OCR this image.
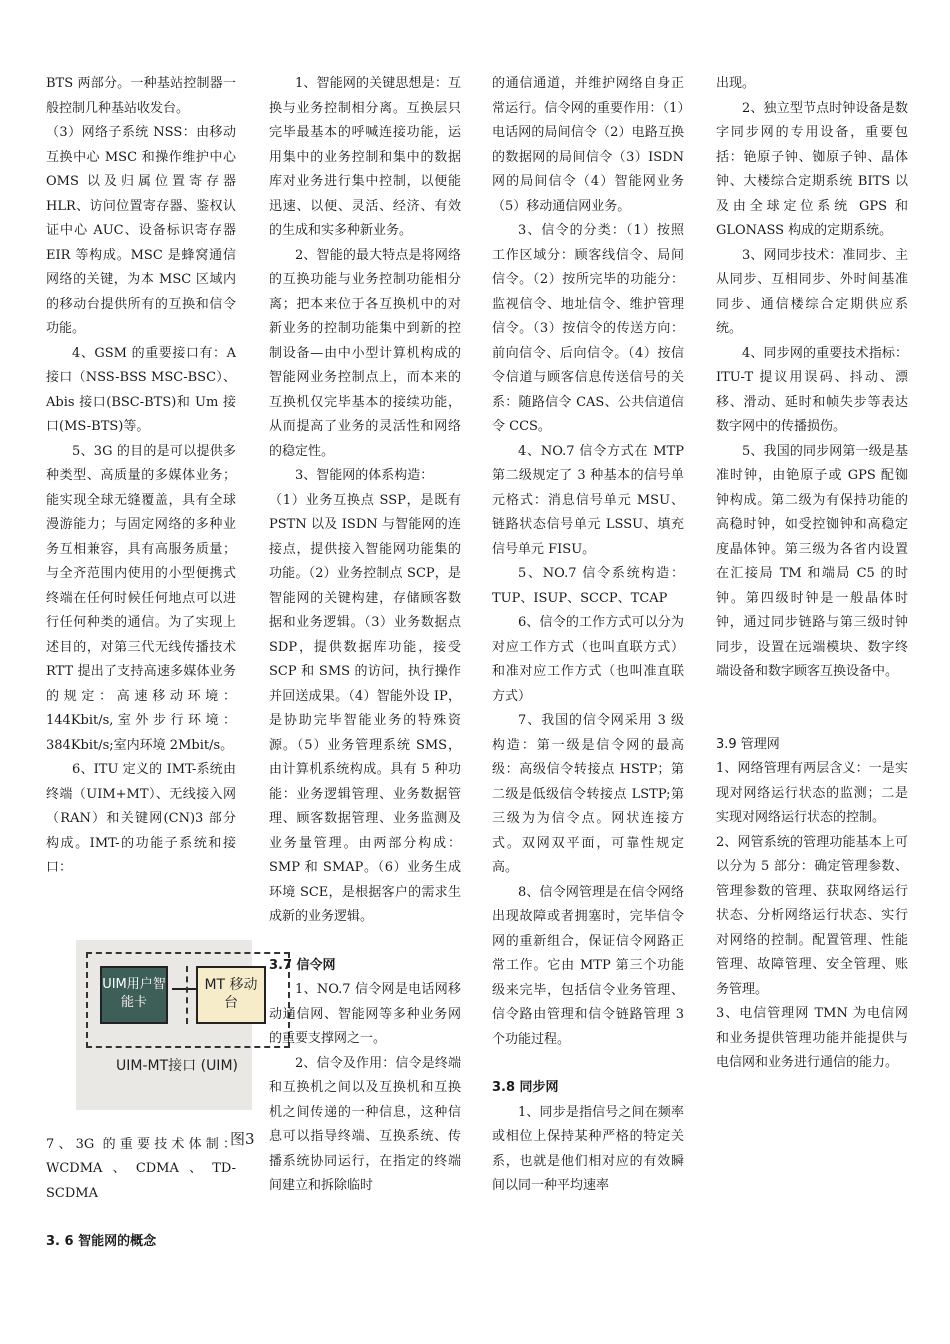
BTS 两部分。一种基站控制器一般控制几种基站收发台。

（3）网络子系统 NSS：由移动互换中心 MSC 和操作维护中心 OMS 以及归属位置寄存器 HLR、访问位置寄存器、鉴权认证中心 AUC、设备标识寄存器 EIR 等构成。MSC 是蜂窝通信网络的关键，为本 MSC 区域内的移动台提供所有的互换和信令功能。

4、GSM 的重要接口有：A 接口（NSS-BSS MSC-BSC）、Abis 接口(BSC-BTS)和 Um 接口(MS-BTS)等。

5、3G 的目的是可以提供多种类型、高质量的多媒体业务；能实现全球无缝覆盖，具有全球漫游能力；与固定网络的多种业务互相兼容，具有高服务质量；与全齐范围内使用的小型便携式终端在任何时候任何地点可以进行任何种类的通信。为了实现上述目的，对第三代无线传播技术 RTT 提出了支持高速多媒体业务的规定：高速移动环境：144Kbit/s,室外步行环境：384Kbit/s;室内环境 2Mbit/s。

6、ITU 定义的 IMT-系统由终端（UIM+MT）、无线接入网（RAN）和关键网(CN)3 部分构成。IMT-的功能子系统和接口：

7、3G 的重要技术体制：WCDMA、CDMA、TD-SCDMA

3. 6 智能网的概念

UIM用户智能卡
MT 移动台
UIM-MT接口 (UIM)
图3

1、智能网的关键思想是：互换与业务控制相分离。互换层只完毕最基本的呼喊连接功能，运用集中的业务控制和集中的数据库对业务进行集中控制，以便能迅速、以便、灵活、经济、有效的生成和实多种新业务。

2、智能的最大特点是将网络的互换功能与业务控制功能相分离；把本来位于各互换机中的对新业务的控制功能集中到新的控制设备—由中小型计算机构成的智能网业务控制点上，而本来的互换机仅完毕基本的接续功能，从而提高了业务的灵活性和网络的稳定性。

3、智能网的体系构造：

（1）业务互换点 SSP，是既有 PSTN 以及 ISDN 与智能网的连接点，提供接入智能网功能集的功能。（2）业务控制点 SCP，是智能网的关键构建，存储顾客数据和业务逻辑。（3）业务数据点 SDP，提供数据库功能，接受 SCP 和 SMS 的访问，执行操作并回送成果。（4）智能外设 IP，是协助完毕智能业务的特殊资源。（5）业务管理系统 SMS，由计算机系统构成。具有 5 种功能：业务逻辑管理、业务数据管理、顾客数据管理、业务监测及业务量管理。由两部分构成：SMP 和 SMAP。（6）业务生成环境 SCE，是根据客户的需求生成新的业务逻辑。

3.7 信令网

1、NO.7 信令网是电话网移动通信网、智能网等多种业务网的重要支撑网之一。

2、信令及作用：信令是终端和互换机之间以及互换机和互换机之间传递的一种信息，这种信息可以指导终端、互换系统、传播系统协同运行，在指定的终端间建立和拆除临时

的通信通道，并维护网络自身正常运行。信令网的重要作用：（1）电话网的局间信令（2）电路互换的数据网的局间信令（3）ISDN 网的局间信令（4）智能网业务（5）移动通信网业务。

3、信令的分类：（1）按照工作区域分：顾客线信令、局间信令。（2）按所完毕的功能分：监视信令、地址信令、维护管理信令。（3）按信令的传送方向：前向信令、后向信令。（4）按信令信道与顾客信息传送信号的关系：随路信令 CAS、公共信道信令 CCS。

4、NO.7 信令方式在 MTP 第二级规定了 3 种基本的信号单元格式：消息信号单元 MSU、链路状态信号单元 LSSU、填充信号单元 FISU。

5、NO.7 信令系统构造：TUP、ISUP、SCCP、TCAP

6、信令的工作方式可以分为对应工作方式（也叫直联方式）和准对应工作方式（也叫准直联方式）

7、我国的信令网采用 3 级构造：第一级是信令网的最高级：高级信令转接点 HSTP；第二级是低级信令转接点 LSTP;第三级为为信令点。网状连接方式。双网双平面，可靠性规定高。

8、信令网管理是在信令网络出现故障或者拥塞时，完毕信令网的重新组合，保证信令网路正常工作。它由 MTP 第三个功能级来完毕，包括信令业务管理、信令路由管理和信令链路管理 3 个功能过程。

3.8 同步网

1、同步是指信号之间在频率或相位上保持某种严格的特定关系，也就是他们相对应的有效瞬间以同一种平均速率

出现。

2、独立型节点时钟设备是数字同步网的专用设备，重要包括：铯原子钟、铷原子钟、晶体钟、大楼综合定期系统 BITS 以及由全球定位系统 GPS 和 GLONASS 构成的定期系统。

3、网同步技术：准同步、主从同步、互相同步、外时间基准同步、通信楼综合定期供应系统。

4、同步网的重要技术指标：ITU-T 提议用误码、抖动、漂移、滑动、延时和帧失步等表达数字网中的传播损伤。

5、我国的同步网第一级是基准时钟，由铯原子或 GPS 配铷钟构成。第二级为有保持功能的高稳时钟，如受控铷钟和高稳定度晶体钟。第三级为各省内设置在汇接局 TM 和端局 C5 的时钟。第四级时钟是一般晶体时钟，通过同步链路与第三级时钟同步，设置在远端模块、数字终端设备和数字顾客互换设备中。

3.9 管理网

1、网络管理有两层含义：一是实现对网络运行状态的监测；二是实现对网络运行状态的控制。

2、网管系统的管理功能基本上可以分为 5 部分：确定管理参数、管理参数的管理、获取网络运行状态、分析网络运行状态、实行对网络的控制。配置管理、性能管理、故障管理、安全管理、账务管理。

3、电信管理网 TMN 为电信网和业务提供管理功能并能提供与电信网和业务进行通信的能力。
